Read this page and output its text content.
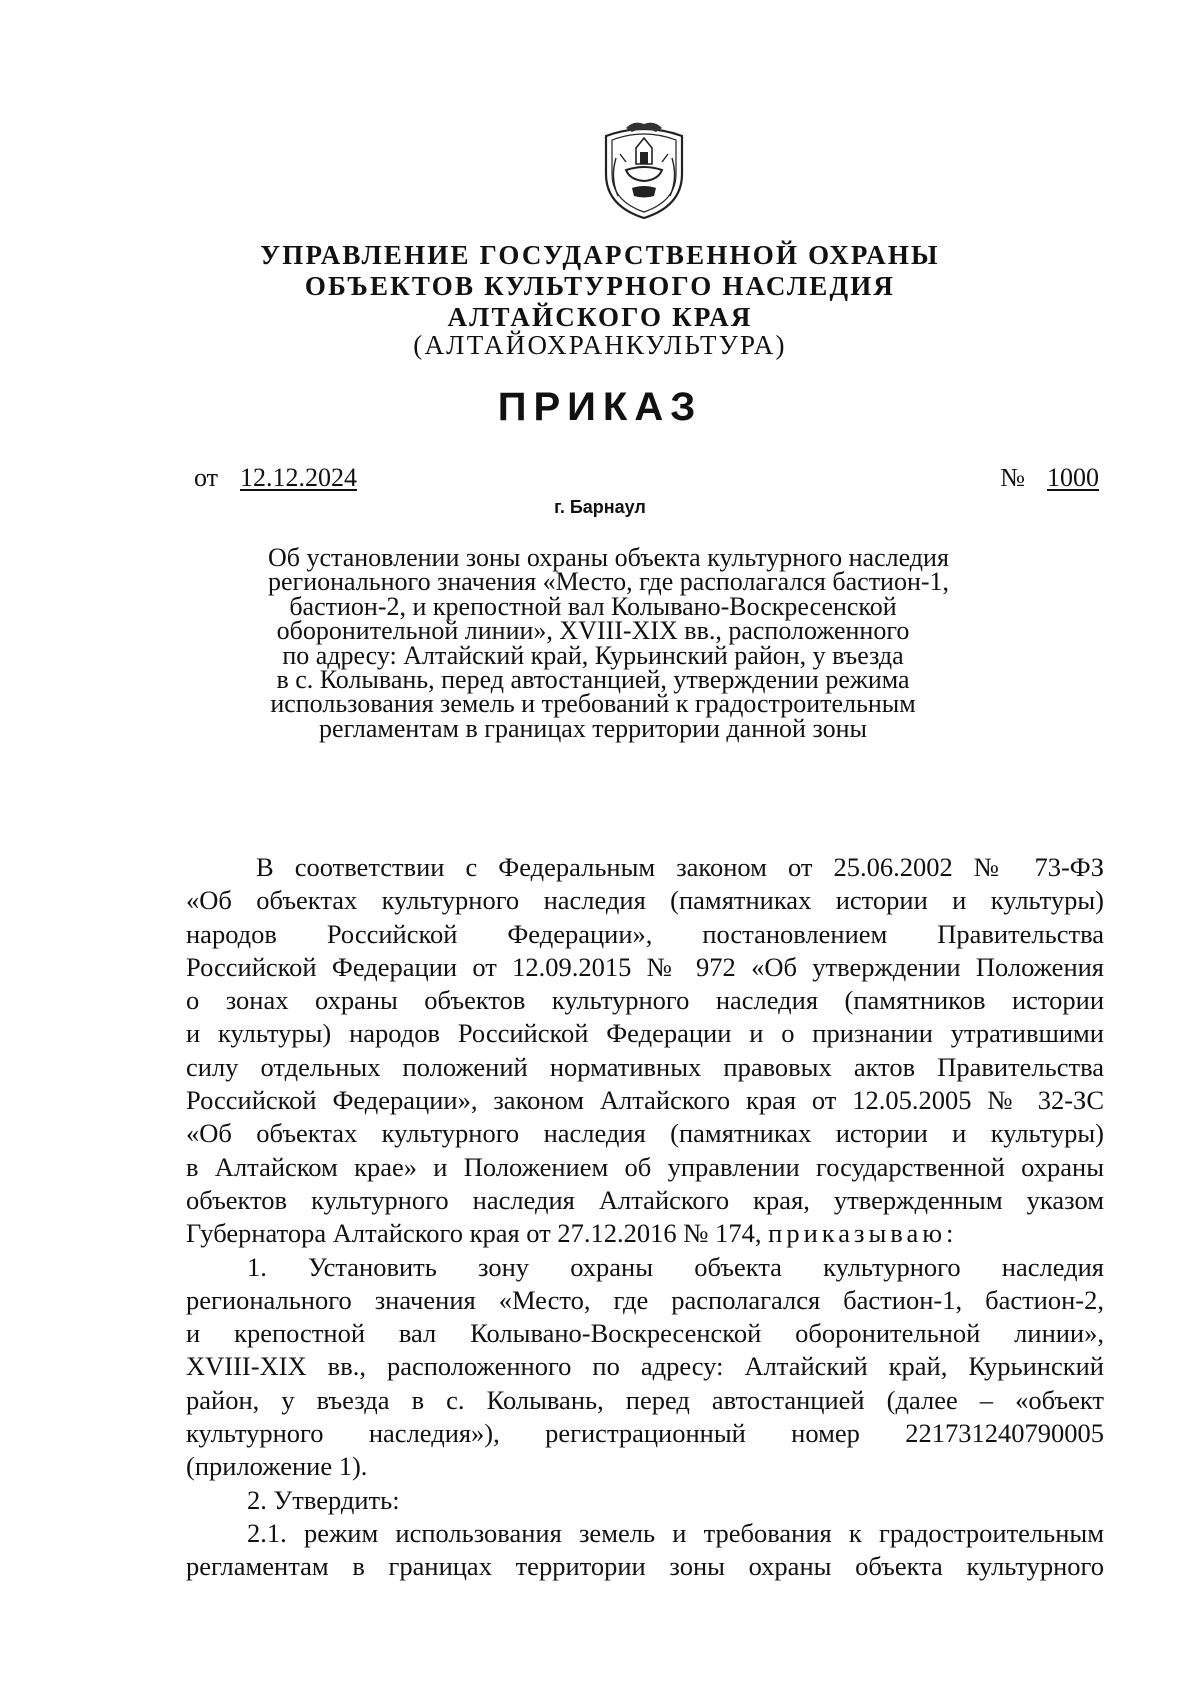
УПРАВЛЕНИЕ ГОСУДАРСТВЕННОЙ ОХРАНЫ
ОБЪЕКТОВ КУЛЬТУРНОГО НАСЛЕДИЯ
АЛТАЙСКОГО КРАЯ
(АЛТАЙОХРАНКУЛЬТУРА)
ПРИКАЗ
от 12.12.2024	№ 1000
г. Барнаул
Об установлении зоны охраны объекта культурного наследия
регионального значения «Место, где располагался бастион-1,
бастион-2, и крепостной вал Колывано-Воскресенской
оборонительной линии», XVIII-XIX вв., расположенного
по адресу: Алтайский край, Курьинский район, у въезда
в с. Колывань, перед автостанцией, утверждении режима
использования земель и требований к градостроительным
регламентам в границах территории данной зоны
В соответствии с Федеральным законом от 25.06.2002 № 73-ФЗ
«Об объектах культурного наследия (памятниках истории и культуры)
народов Российской Федерации», постановлением Правительства
Российской Федерации от 12.09.2015 № 972 «Об утверждении Положения
о зонах охраны объектов культурного наследия (памятников истории
и культуры) народов Российской Федерации и о признании утратившими
силу отдельных положений нормативных правовых актов Правительства
Российской Федерации», законом Алтайского края от 12.05.2005 № 32-ЗС
«Об объектах культурного наследия (памятниках истории и культуры)
в Алтайском крае» и Положением об управлении государственной охраны
объектов культурного наследия Алтайского края, утвержденным указом
Губернатора Алтайского края от 27.12.2016 № 174, приказываю:
1. Установить зону охраны объекта культурного наследия
регионального значения «Место, где располагался бастион-1, бастион-2,
и крепостной вал Колывано-Воскресенской оборонительной линии»,
XVIII-XIX вв., расположенного по адресу: Алтайский край, Курьинский
район, у въезда в с. Колывань, перед автостанцией (далее – «объект
культурного наследия»), регистрационный номер 221731240790005
(приложение 1).
2. Утвердить:
2.1. режим использования земель и требования к градостроительным
регламентам в границах территории зоны охраны объекта культурного
